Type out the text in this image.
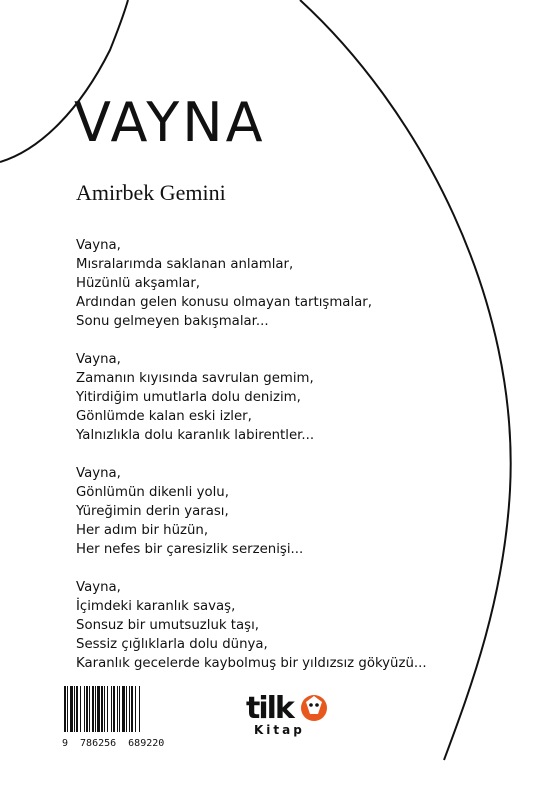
VAYNA
Amirbek Gemini
Vayna,
Mısralarımda saklanan anlamlar,
Hüzünlü akşamlar,
Ardından gelen konusu olmayan tartışmalar,
Sonu gelmeyen bakışmalar...
Vayna,
Zamanın kıyısında savrulan gemim,
Yitirdiğim umutlarla dolu denizim,
Gönlümde kalan eski izler,
Yalnızlıkla dolu karanlık labirentler...
Vayna,
Gönlümün dikenli yolu,
Yüreğimin derin yarası,
Her adım bir hüzün,
Her nefes bir çaresizlik serzenişi...
Vayna,
İçimdeki karanlık savaş,
Sonsuz bir umutsuzluk taşı,
Sessiz çığlıklarla dolu dünya,
Karanlık gecelerde kaybolmuş bir yıldızsız gökyüzü...
9 786256 689220
tilk
Kitap
